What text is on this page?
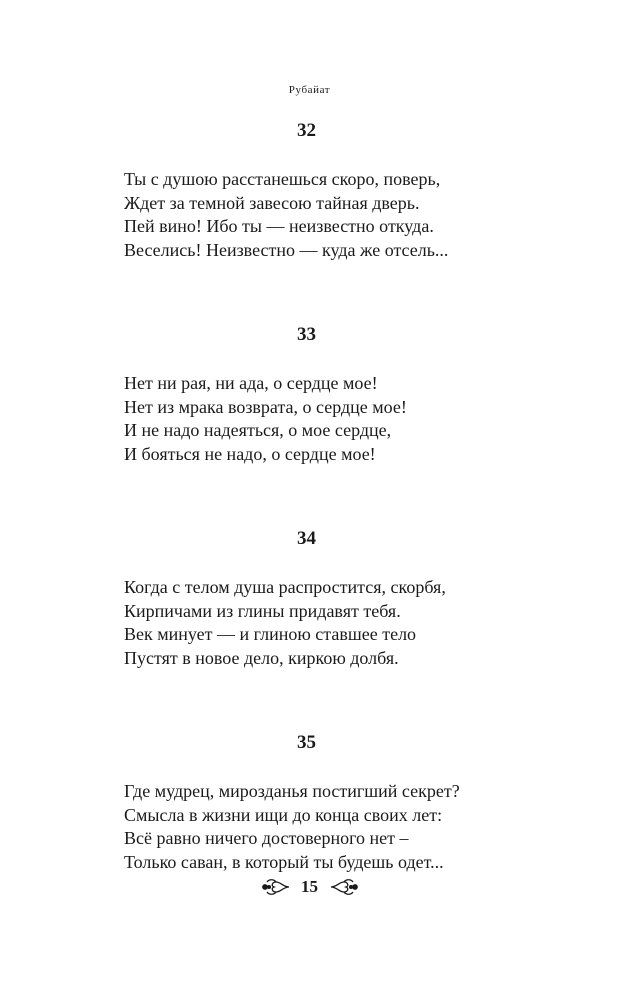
Рубайат
32
Ты с душою расстанешься скоро, поверь,
Ждет за темной завесою тайная дверь.
Пей вино! Ибо ты — неизвестно откуда.
Веселись! Неизвестно — куда же отсель...
33
Нет ни рая, ни ада, о сердце мое!
Нет из мрака возврата, о сердце мое!
И не надо надеяться, о мое сердце,
И бояться не надо, о сердце мое!
34
Когда с телом душа распростится, скорбя,
Кирпичами из глины придавят тебя.
Век минует — и глиною ставшее тело
Пустят в новое дело, киркою долбя.
35
Где мудрец, мирозданья постигший секрет?
Смысла в жизни ищи до конца своих лет:
Всё равно ничего достоверного нет –
Только саван, в который ты будешь одет...
15
